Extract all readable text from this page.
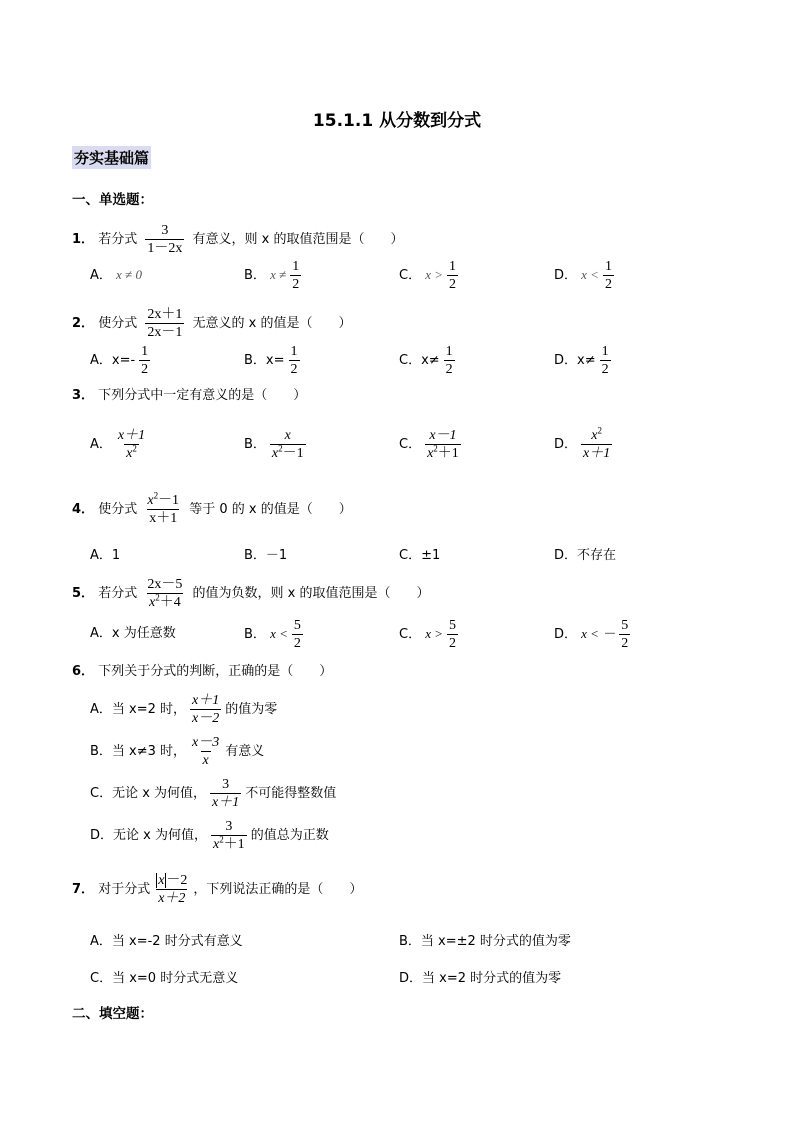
15.1.1 从分数到分式
夯实基础篇
一、单选题：
1． 若分式 $\frac{3}{1-2x}$ 有意义，则 x 的取值范围是（　　）
A． x ≠ 0	B． $x \ne \frac{1}{2}$	C． $x > \frac{1}{2}$	D． $x < \frac{1}{2}$
2． 使分式 $\frac{2x+1}{2x-1}$ 无意义的 x 的值是（　　）
A．$x=- \frac{1}{2}$	B．$x= \frac{1}{2}$	C．$x\ne \frac{1}{2}$	D．$x\ne \frac{1}{2}$
3． 下列分式中一定有意义的是（　　）
A． $\frac{x+1}{x^2}$	B． $\frac{x}{x^2-1}$	C． $\frac{x-1}{x^2+1}$	D． $\frac{x^2}{x+1}$
4． 使分式 $\frac{x^2-1}{x+1}$ 等于 0 的 x 的值是（　　）
A．1	B．－1	C．±1	D．不存在
5． 若分式 $\frac{2x-5}{x^2+4}$ 的值为负数，则 x 的取值范围是（　　）
A．x 为任意数	B． $x < \frac{5}{2}$	C． $x > \frac{5}{2}$	D． x < － $\frac{5}{2}$
6． 下列关于分式的判断，正确的是（　　）
A．当 x=2 时， $\frac{x+1}{x-2}$ 的值为零
B．当 x≠3 时， $\frac{x-3}{x}$ 有意义
C．无论 x 为何值， $\frac{3}{x+1}$ 不可能得整数值
D．无论 x 为何值， $\frac{3}{x^2+1}$ 的值总为正数
7． 对于分式 $\frac{x -2}{x+2}$ ，下列说法正确的是（　　）
A．当 x=-2 时分式有意义	B．当 x=±2 时分式的值为零
C．当 x=0 时分式无意义	D．当 x=2 时分式的值为零
二、填空题：
